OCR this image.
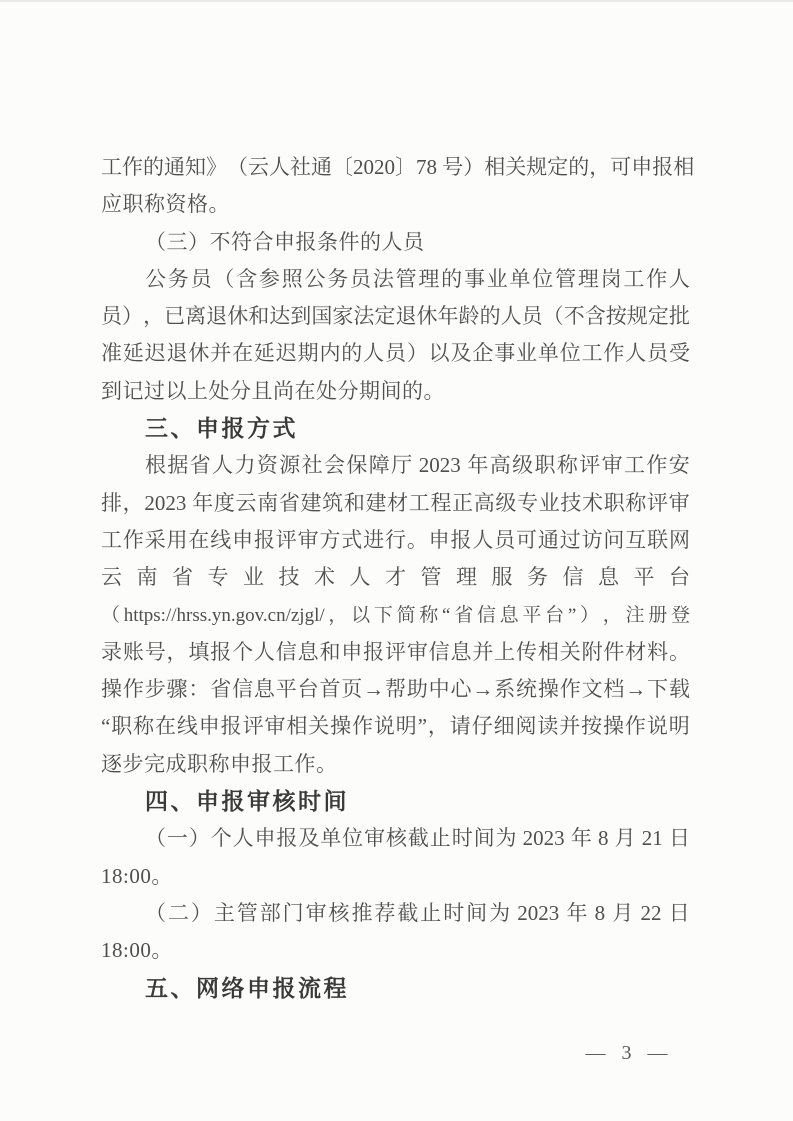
工 作 的 通 知 》 （ 云 人 社 通 〔 2020 〕 78 号 ） 相 关 规 定 的 ， 可 申 报 相
应职称资格。
（三）不符合申报条件的人员
公 务 员 （ 含 参 照 公 务 员 法 管 理 的 事 业 单 位 管 理 岗 工 作 人
员 ） ， 已 离 退 休 和 达 到 国 家 法 定 退 休 年 龄 的 人 员 （ 不 含 按 规 定 批
准 延 迟 退 休 并 在 延 迟 期 内 的 人 员 ） 以 及 企 事 业 单 位 工 作 人 员 受
到记过以上处分且尚在处分期间的。
三、申报方式
根 据 省 人 力 资 源 社 会 保 障 厅 2023 年 高 级 职 称 评 审 工 作 安
排 ， 2023 年 度 云 南 省 建 筑 和 建 材 工 程 正 高 级 专 业 技 术 职 称 评 审
工 作 采 用 在 线 申 报 评 审 方 式 进 行 。 申 报 人 员 可 通 过 访 问 互 联 网
云 南 省 专 业 技 术 人 才 管 理 服 务 信 息 平 台
（ https://hrss.yn.gov.cn/zjgl/ ， 以 下 简 称 “ 省 信 息 平 台 ” ） ， 注 册 登
录 账 号 ， 填 报 个 人 信 息 和 申 报 评 审 信 息 并 上 传 相 关 附 件 材 料 。
操 作 步 骤 ： 省 信 息 平 台 首 页 → 帮 助 中 心 → 系 统 操 作 文 档 → 下 载
“ 职 称 在 线 申 报 评 审 相 关 操 作 说 明 ” ， 请 仔 细 阅 读 并 按 操 作 说 明
逐步完成职称申报工作。
四、申报审核时间
（ 一 ） 个 人 申 报 及 单 位 审 核 截 止 时 间 为 2023 年 8 月 21 日
18:00。
（ 二 ） 主 管 部 门 审 核 推 荐 截 止 时 间 为 2023 年 8 月 22 日
18:00。
五、网络申报流程
— 3 —
